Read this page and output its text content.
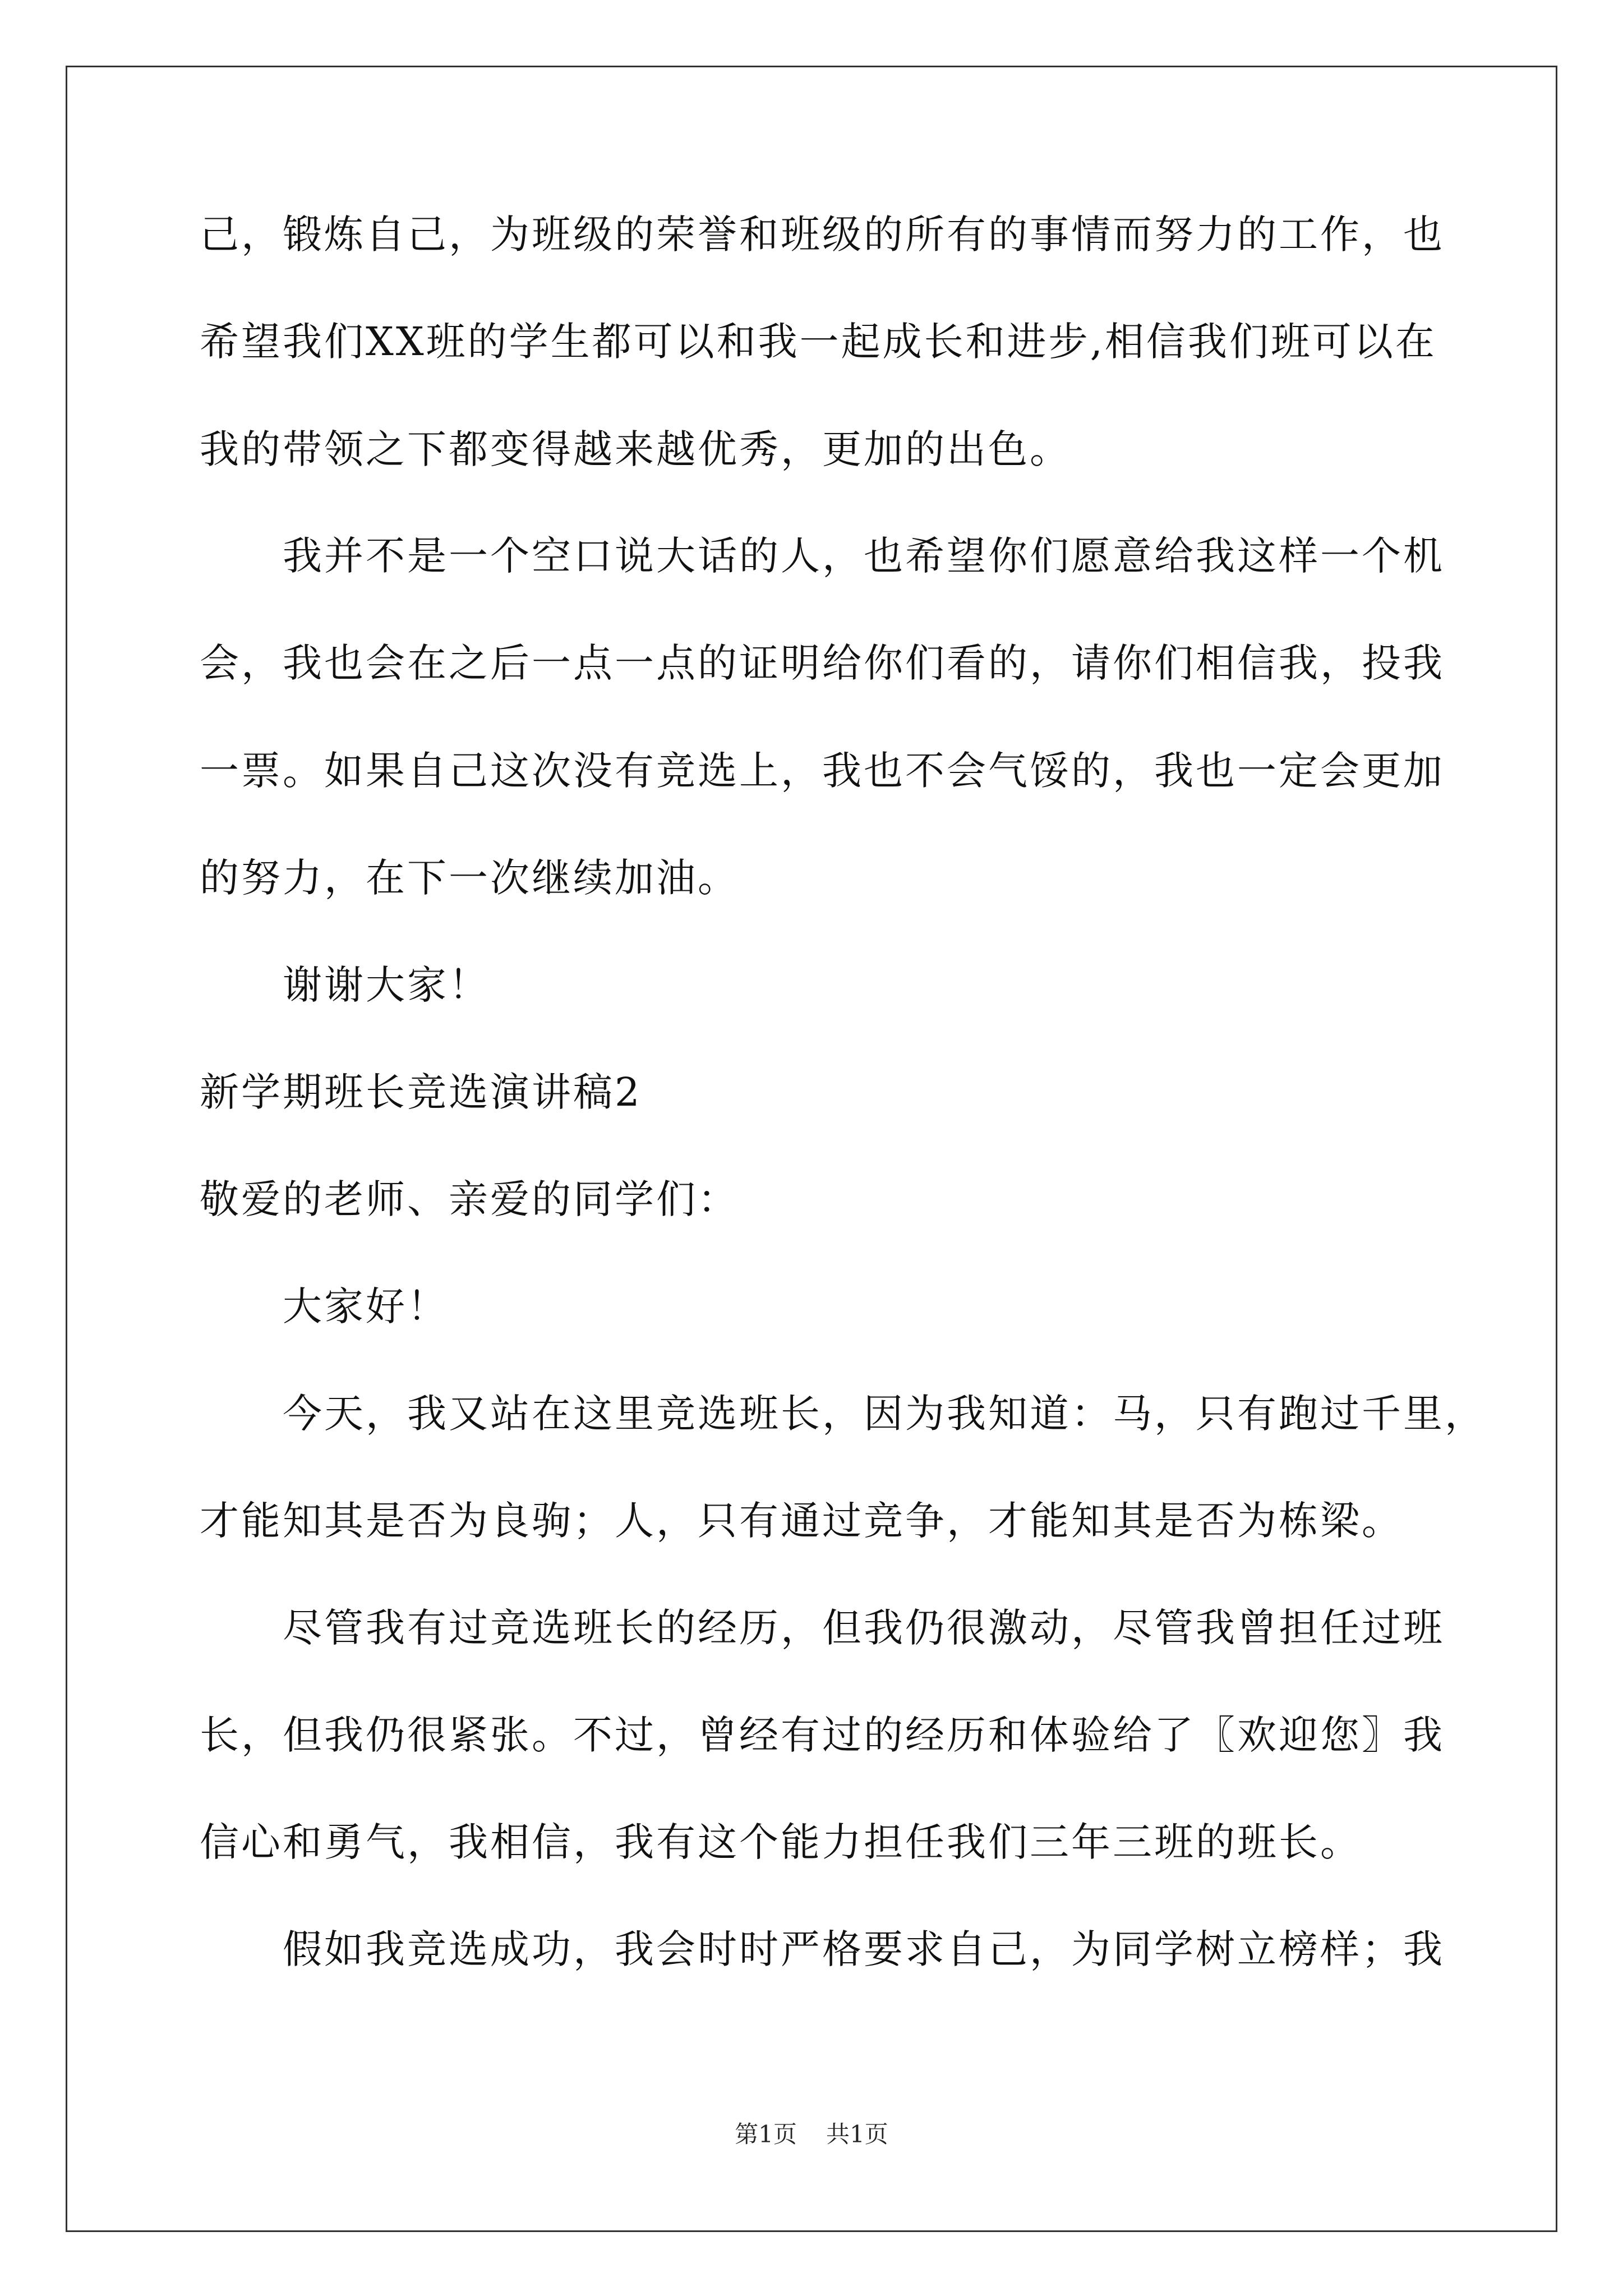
己，锻炼自己，为班级的荣誉和班级的所有的事情而努力的工作，也
希望我们XX班的学生都可以和我一起成长和进步,相信我们班可以在
我的带领之下都变得越来越优秀，更加的出色。
我并不是一个空口说大话的人，也希望你们愿意给我这样一个机
会，我也会在之后一点一点的证明给你们看的，请你们相信我，投我
一票。如果自己这次没有竞选上，我也不会气馁的，我也一定会更加
的努力，在下一次继续加油。
谢谢大家！
新学期班长竞选演讲稿2
敬爱的老师、亲爱的同学们：
大家好！
今天，我又站在这里竞选班长，因为我知道：马，只有跑过千里，
才能知其是否为良驹；人，只有通过竞争，才能知其是否为栋梁。
尽管我有过竞选班长的经历，但我仍很激动，尽管我曾担任过班
长，但我仍很紧张。不过，曾经有过的经历和体验给了〖欢迎您〗我
信心和勇气，我相信，我有这个能力担任我们三年三班的班长。
假如我竞选成功，我会时时严格要求自己，为同学树立榜样；我
第1页 共1页
